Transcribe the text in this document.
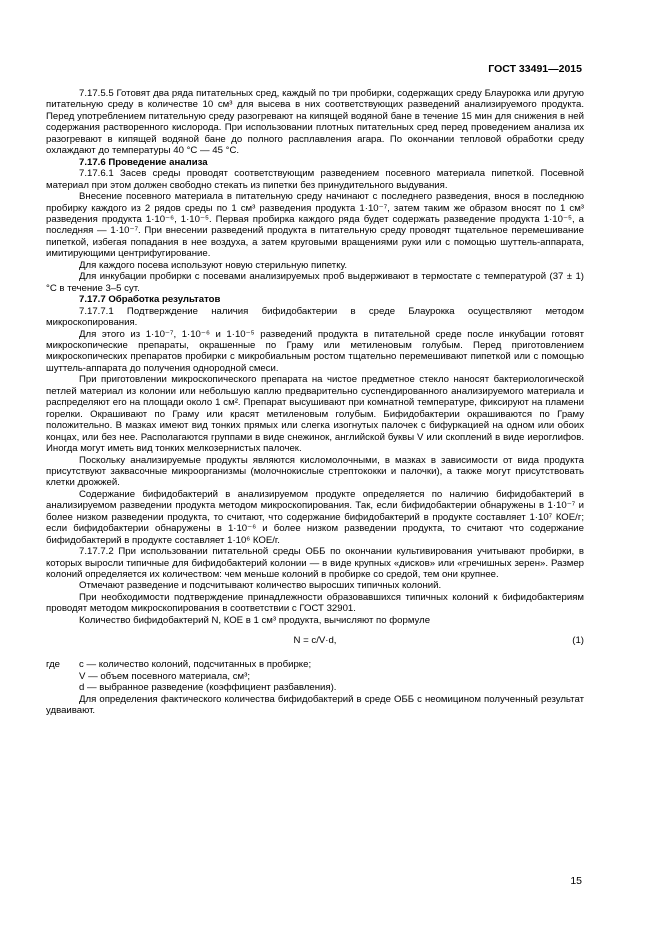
ГОСТ 33491—2015

7.17.5.5 Готовят два ряда питательных сред, каждый по три пробирки, содержащих среду Блаурокка или другую питательную среду в количестве 10 см³ для высева в них соответствующих разведений анализируемого продукта. Перед употреблением питательную среду разогревают на кипящей водяной бане в течение 15 мин для снижения в ней содержания растворенного кислорода. При использовании плотных питательных сред перед проведением анализа их разогревают в кипящей водяной бане до полного расплавления агара. По окончании тепловой обработки среду охлаждают до температуры 40 °С — 45 °С.

7.17.6 Проведение анализа

7.17.6.1 Засев среды проводят соответствующим разведением посевного материала пипеткой. Посевной материал при этом должен свободно стекать из пипетки без принудительного выдувания.

Внесение посевного материала в питательную среду начинают с последнего разведения, внося в последнюю пробирку каждого из 2 рядов среды по 1 см³ разведения продукта 1·10⁻⁷, затем таким же образом вносят по 1 см³ разведения продукта 1·10⁻⁶, 1·10⁻⁵. Первая пробирка каждого ряда будет содержать разведение продукта 1·10⁻⁵, а последняя — 1·10⁻⁷. При внесении разведений продукта в питательную среду проводят тщательное перемешивание пипеткой, избегая попадания в нее воздуха, а затем круговыми вращениями руки или с помощью шуттель-аппарата, имитирующими центрифугирование.

Для каждого посева используют новую стерильную пипетку.

Для инкубации пробирки с посевами анализируемых проб выдерживают в термостате с температурой (37 ± 1) °С в течение 3–5 сут.

7.17.7 Обработка результатов

7.17.7.1 Подтверждение наличия бифидобактерии в среде Блаурокка осуществляют методом микроскопирования.

Для этого из 1·10⁻⁷, 1·10⁻⁶ и 1·10⁻⁵ разведений продукта в питательной среде после инкубации готовят микроскопические препараты, окрашенные по Граму или метиленовым голубым. Перед приготовлением микроскопических препаратов пробирки с микробиальным ростом тщательно перемешивают пипеткой или с помощью шуттель-аппарата до получения однородной смеси.

При приготовлении микроскопического препарата на чистое предметное стекло наносят бактериологической петлей материал из колонии или небольшую каплю предварительно суспендированного анализируемого материала и распределяют его на площади около 1 см². Препарат высушивают при комнатной температуре, фиксируют на пламени горелки. Окрашивают по Граму или красят метиленовым голубым. Бифидобактерии окрашиваются по Граму положительно. В мазках имеют вид тонких прямых или слегка изогнутых палочек с бифуркацией на одном или обоих концах, или без нее. Располагаются группами в виде снежинок, английской буквы V или скоплений в виде иероглифов. Иногда могут иметь вид тонких мелкозернистых палочек.

Поскольку анализируемые продукты являются кисломолочными, в мазках в зависимости от вида продукта присутствуют заквасочные микроорганизмы (молочнокислые стрептококки и палочки), а также могут присутствовать клетки дрожжей.

Содержание бифидобактерий в анализируемом продукте определяется по наличию бифидобактерий в анализируемом разведении продукта методом микроскопирования. Так, если бифидобактерии обнаружены в 1·10⁻⁷ и более низком разведении продукта, то считают, что содержание бифидобактерий в продукте составляет 1·10⁷ КОЕ/г; если бифидобактерии обнаружены в 1·10⁻⁶ и более низком разведении продукта, то считают что содержание бифидобактерий в продукте составляет 1·10⁶ КОЕ/г.

7.17.7.2 При использовании питательной среды ОББ по окончании культивирования учитывают пробирки, в которых выросли типичные для бифидобактерий колонии — в виде крупных «дисков» или «гречишных зерен». Размер колоний определяется их количеством: чем меньше колоний в пробирке со средой, тем они крупнее.

Отмечают разведение и подсчитывают количество выросших типичных колоний.

При необходимости подтверждение принадлежности образовавшихся типичных колоний к бифидобактериям проводят методом микроскопирования в соответствии с ГОСТ 32901.

Количество бифидобактерий N, КОЕ в 1 см³ продукта, вычисляют по формуле

N = c/V·d,	(1)
где	c — количество колоний, подсчитанных в пробирке;

V — объем посевного материала, см³;

d — выбранное разведение (коэффициент разбавления).

Для определения фактического количества бифидобактерий в среде ОББ с неомицином полученный результат удваивают.

15
